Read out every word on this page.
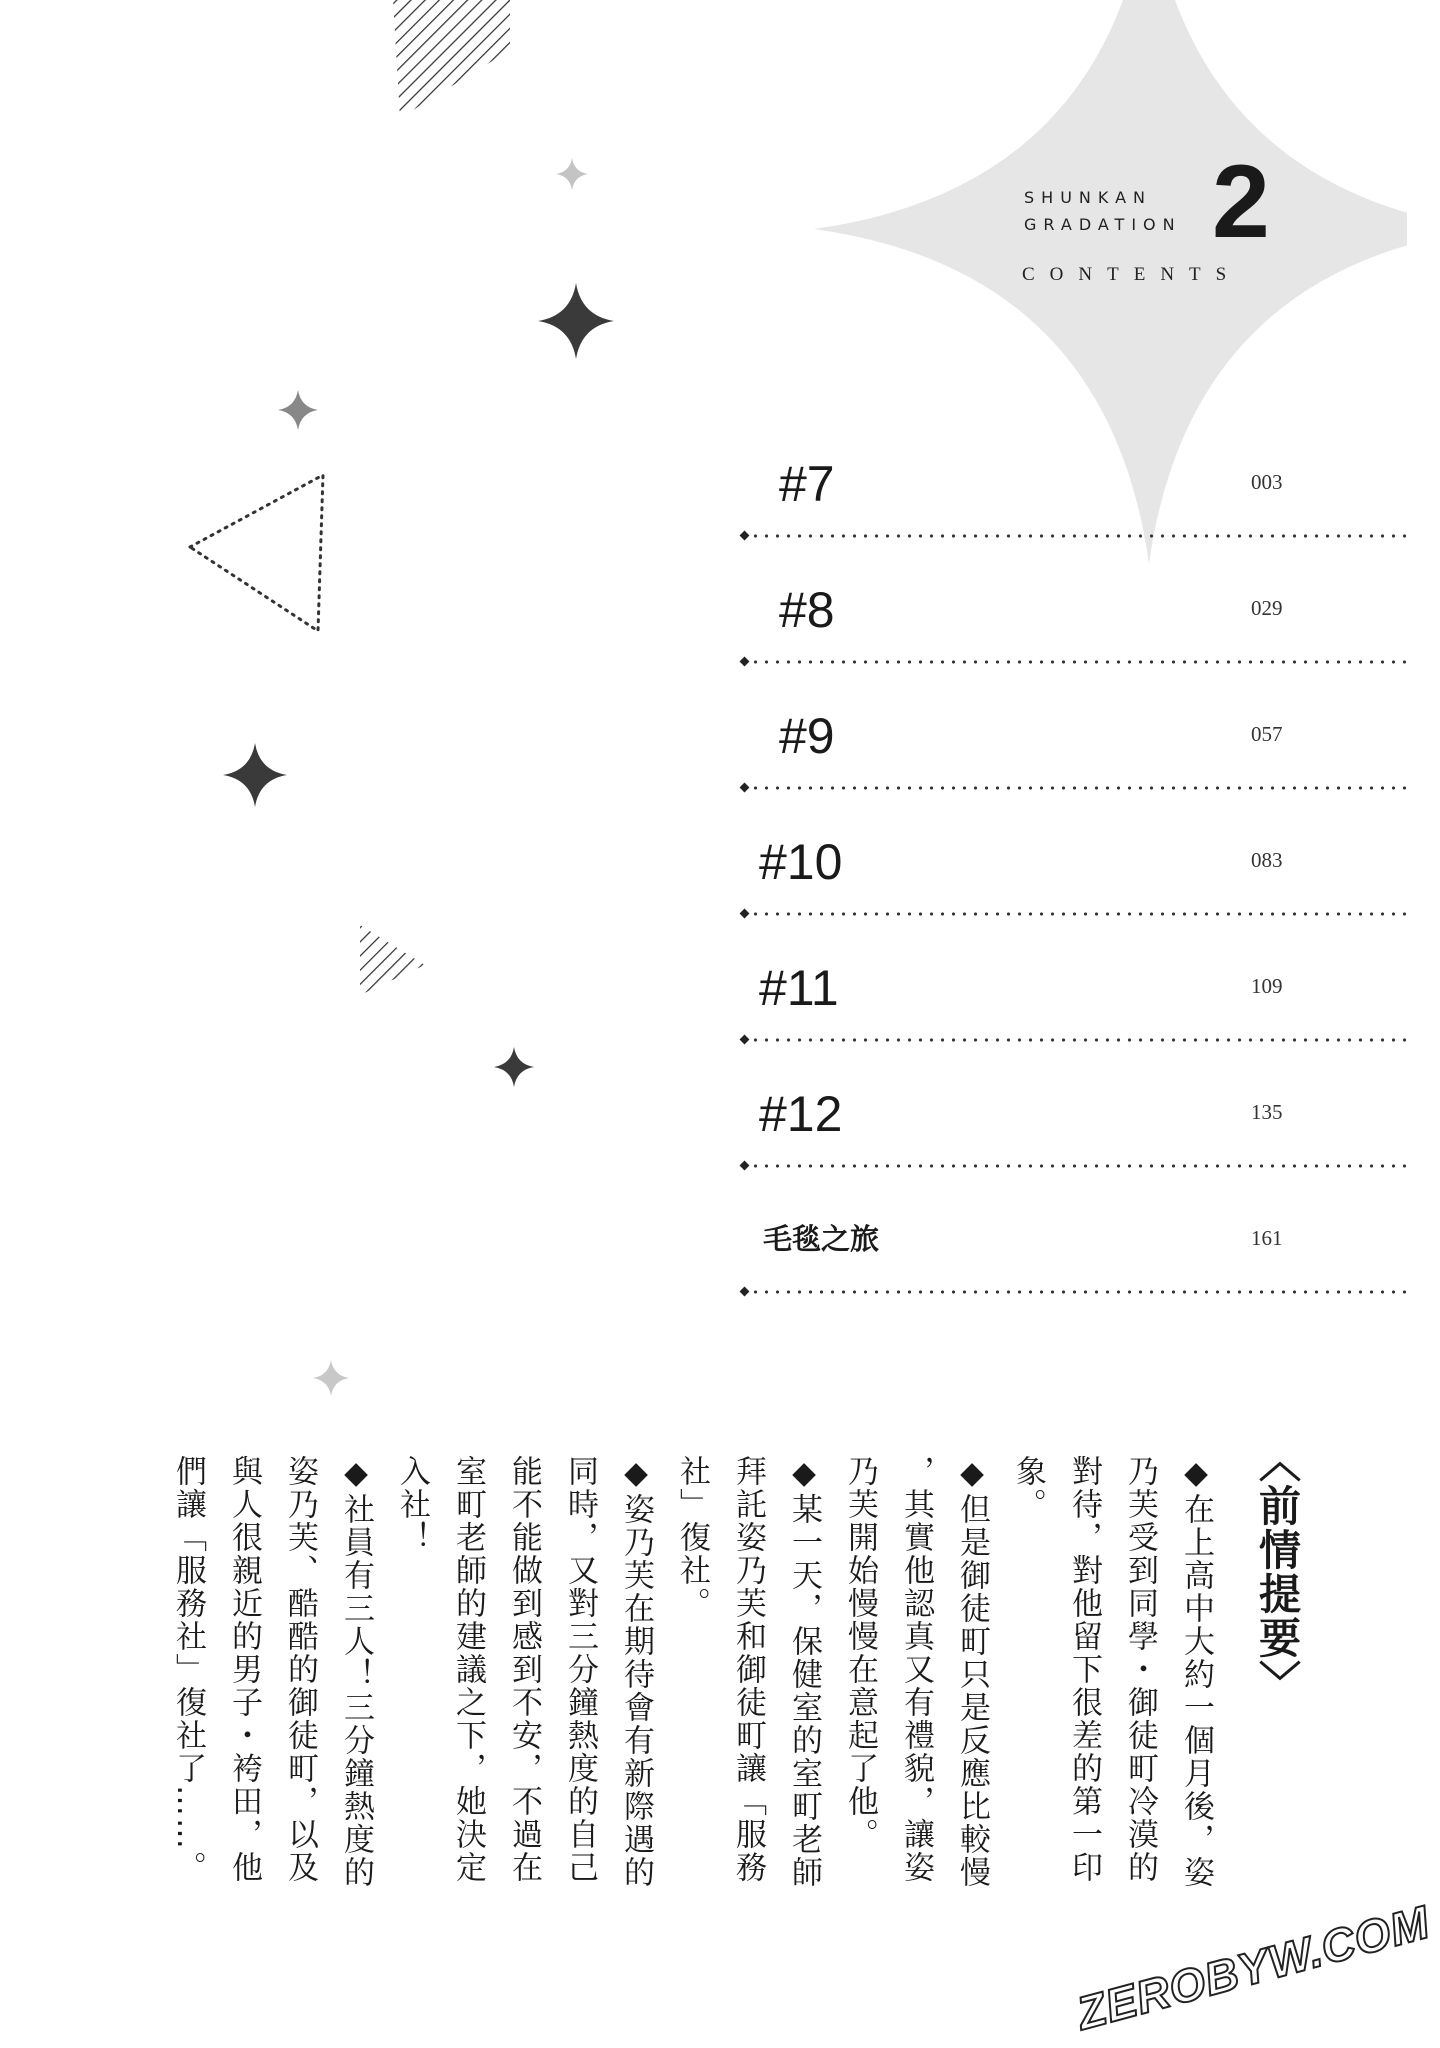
SHUNKAN
GRADATION 2
CONTENTS
#7	003
#8	029
#9	057
#10	083
#11	109
#12	135
毛毯之旅	161
〈前情提要〉
◆在上高中大約一個月後，姿
乃芙受到同學・御徒町冷漠的
對待，對他留下很差的第一印
象。
◆但是御徒町只是反應比較慢
，其實他認真又有禮貌，讓姿
乃芙開始慢慢在意起了他。
◆某一天，保健室的室町老師
拜託姿乃芙和御徒町讓「服務
社」復社。
◆姿乃芙在期待會有新際遇的
同時，又對三分鐘熱度的自己
能不能做到感到不安，不過在
室町老師的建議之下，她決定
入社！
◆社員有三人！三分鐘熱度的
姿乃芙、酷酷的御徒町，以及
與人很親近的男子・袴田，他
們讓「服務社」復社了……。
ZEROBYW.COM
